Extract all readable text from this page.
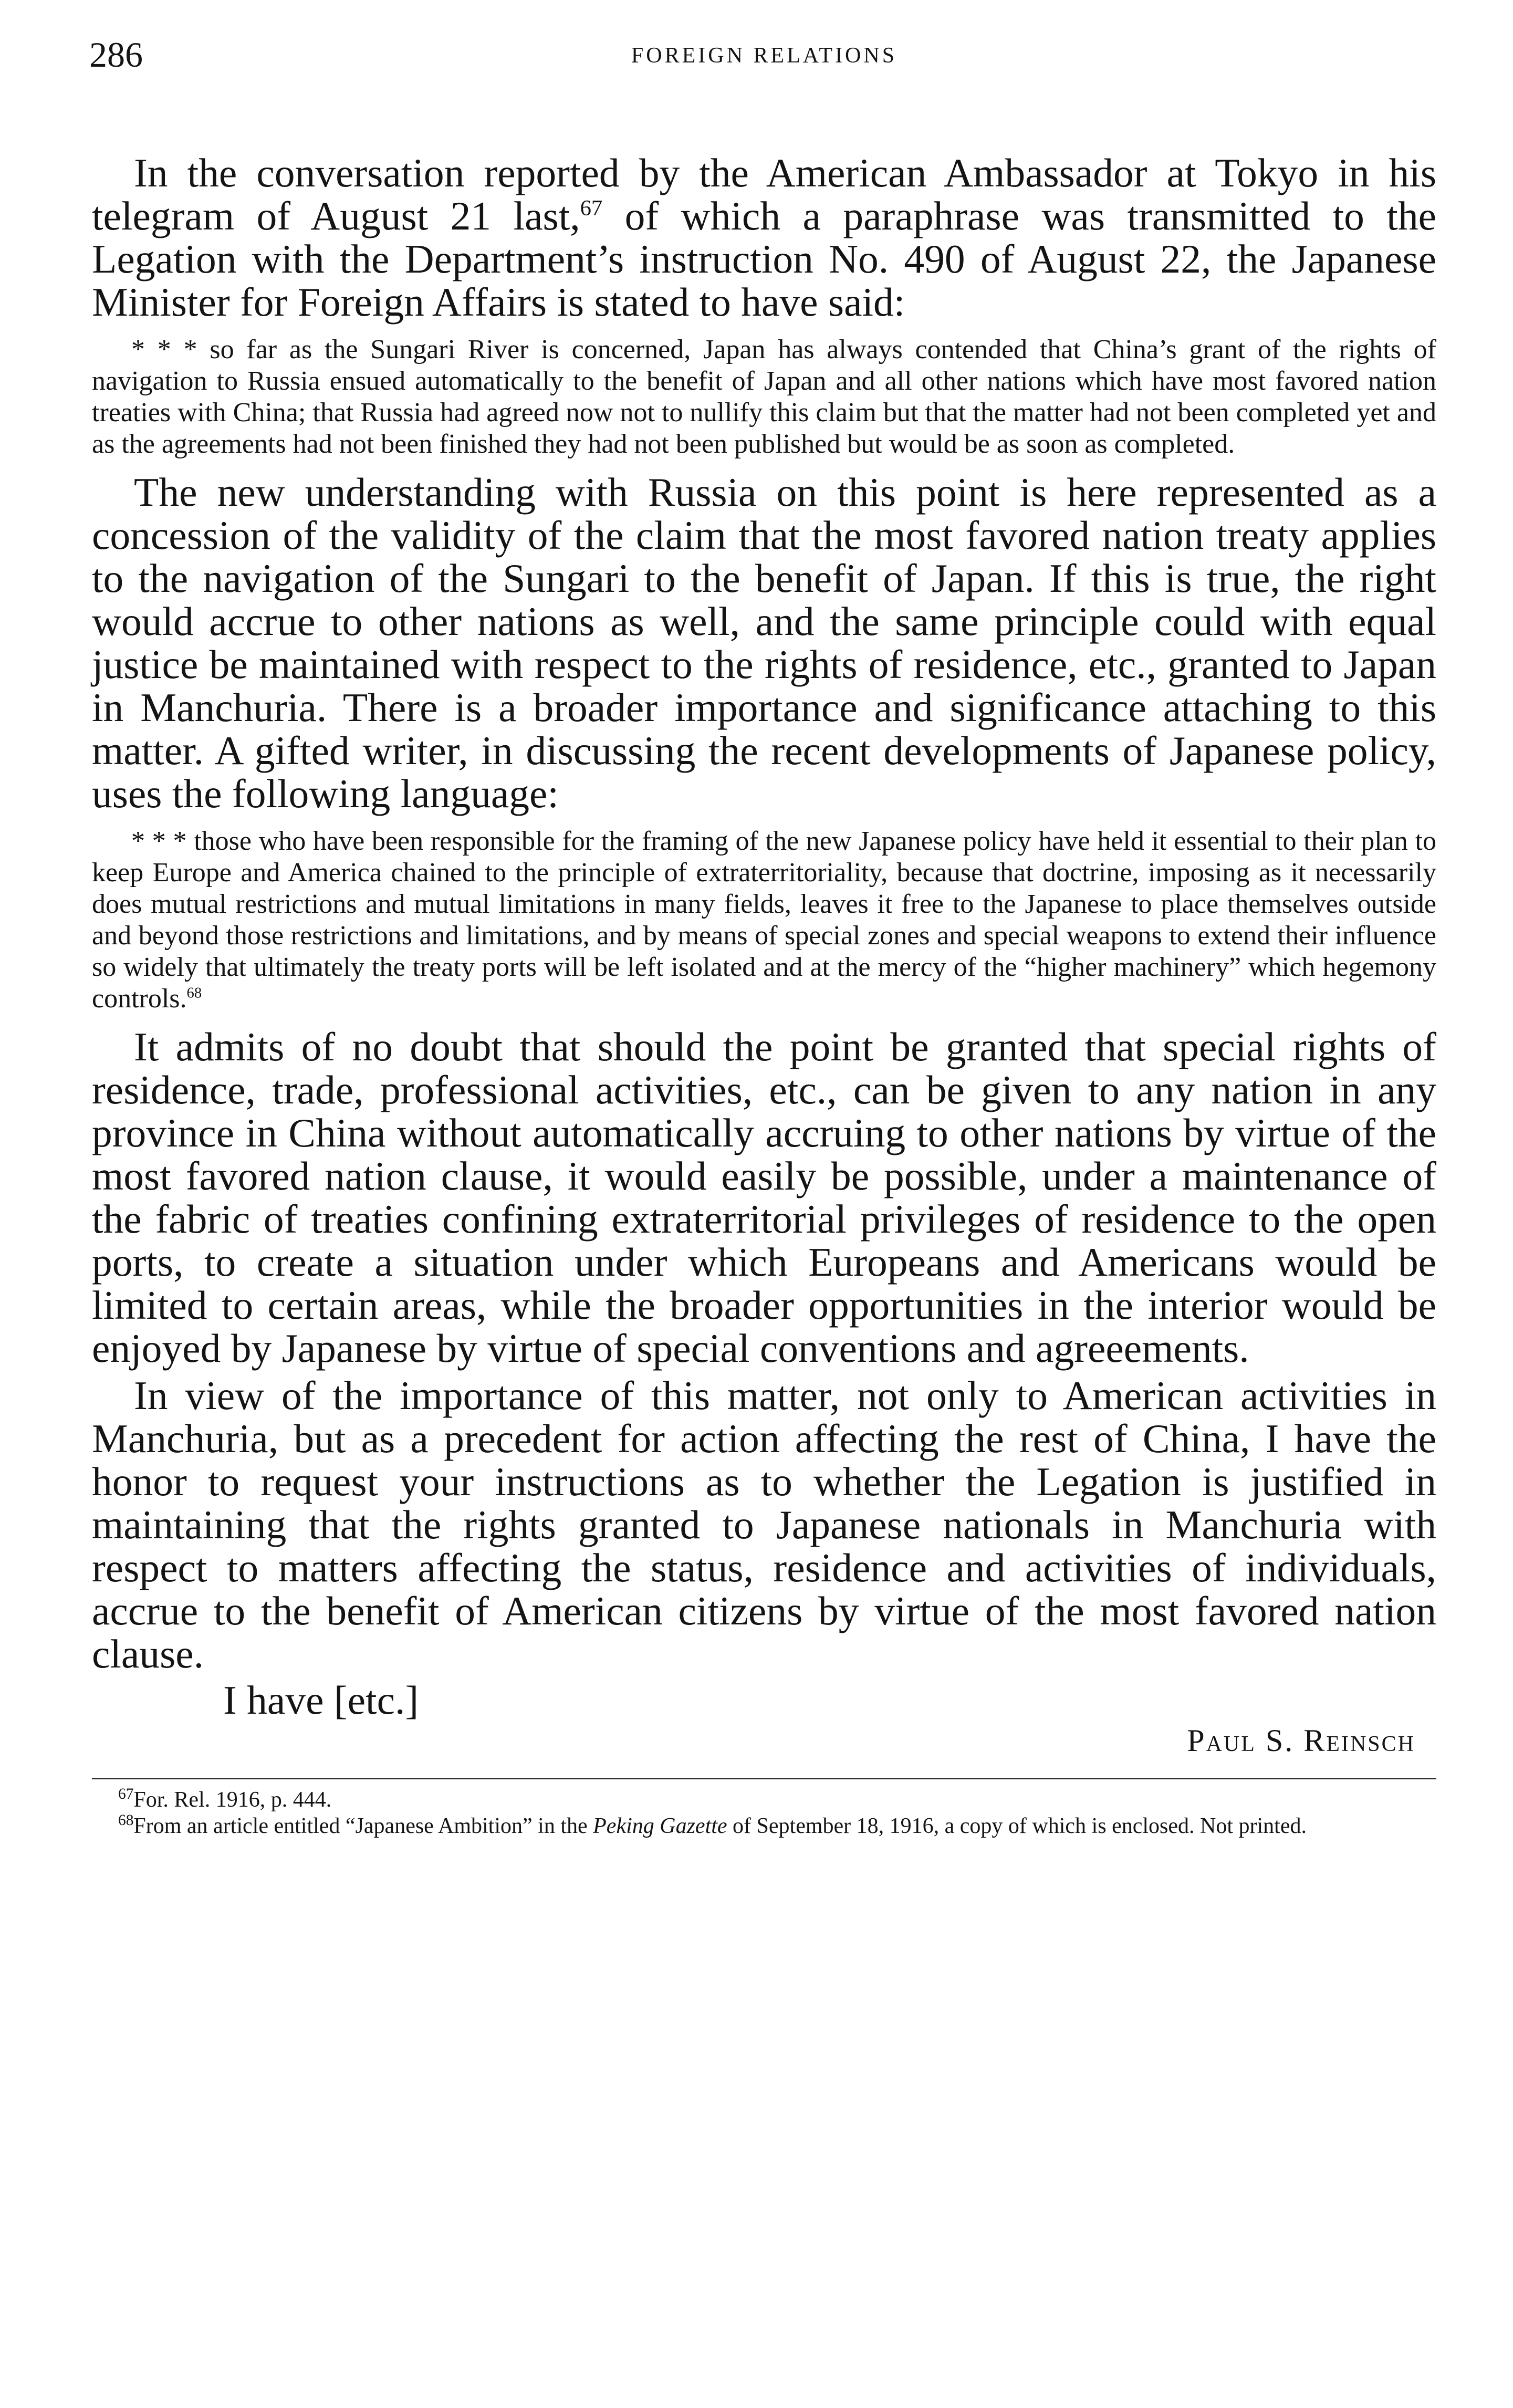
286	FOREIGN RELATIONS

In the conversation reported by the American Ambassador at Tokyo in his telegram of August 21 last,$^{67}$ of which a paraphrase was transmitted to the Legation with the Department’s instruction No. 490 of August 22, the Japanese Minister for Foreign Affairs is stated to have said:

* * * so far as the Sungari River is concerned, Japan has always contended that China’s grant of the rights of navigation to Russia ensued automatically to the benefit of Japan and all other nations which have most favored nation treaties with China; that Russia had agreed now not to nullify this claim but that the matter had not been completed yet and as the agreements had not been finished they had not been published but would be as soon as completed.

The new understanding with Russia on this point is here represented as a concession of the validity of the claim that the most favored nation treaty applies to the navigation of the Sungari to the benefit of Japan. If this is true, the right would accrue to other nations as well, and the same principle could with equal justice be maintained with respect to the rights of residence, etc., granted to Japan in Manchuria. There is a broader importance and significance attaching to this matter. A gifted writer, in discussing the recent developments of Japanese policy, uses the following language:

* * * those who have been responsible for the framing of the new Japanese policy have held it essential to their plan to keep Europe and America chained to the principle of extraterritoriality, because that doctrine, imposing as it necessarily does mutual restrictions and mutual limitations in many fields, leaves it free to the Japanese to place themselves outside and beyond those restrictions and limitations, and by means of special zones and special weapons to extend their influence so widely that ultimately the treaty ports will be left isolated and at the mercy of the “higher machinery” which hegemony controls.$^{68}$

It admits of no doubt that should the point be granted that special rights of residence, trade, professional activities, etc., can be given to any nation in any province in China without automatically accruing to other nations by virtue of the most favored nation clause, it would easily be possible, under a maintenance of the fabric of treaties confining extraterritorial privileges of residence to the open ports, to create a situation under which Europeans and Americans would be limited to certain areas, while the broader opportunities in the interior would be enjoyed by Japanese by virtue of special conventions and agreeements.

In view of the importance of this matter, not only to American activities in Manchuria, but as a precedent for action affecting the rest of China, I have the honor to request your instructions as to whether the Legation is justified in maintaining that the rights granted to Japanese nationals in Manchuria with respect to matters affecting the status, residence and activities of individuals, accrue to the benefit of American citizens by virtue of the most favored nation clause.

I have [etc.]

Paul S. Reinsch

$^{67}$For. Rel. 1916, p. 444.

$^{68}$From an article entitled “Japanese Ambition” in the Peking Gazette of September 18, 1916, a copy of which is enclosed. Not printed.
